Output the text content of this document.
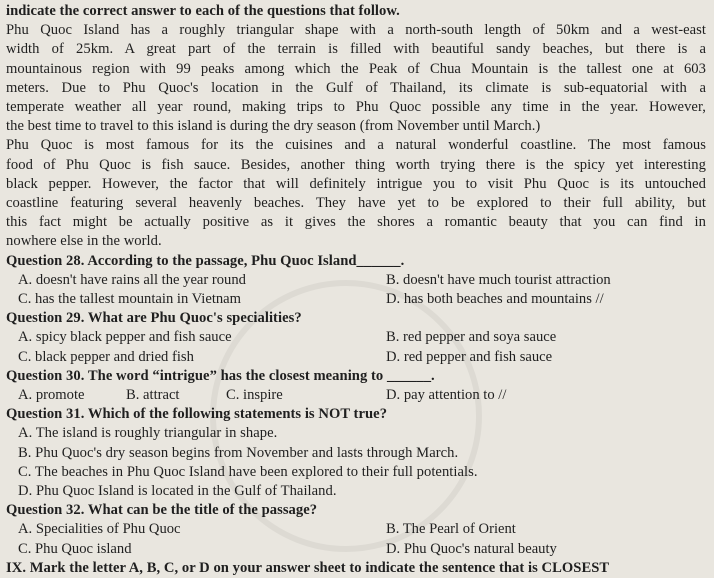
indicate the correct answer to each of the questions that follow.
Phu Quoc Island has a roughly triangular shape with a north-south length of 50km and a west-east
width of 25km. A great part of the terrain is filled with beautiful sandy beaches, but there is a
mountainous region with 99 peaks among which the Peak of Chua Mountain is the tallest one at 603
meters. Due to Phu Quoc's location in the Gulf of Thailand, its climate is sub-equatorial with a
temperate weather all year round, making trips to Phu Quoc possible any time in the year. However,
the best time to travel to this island is during the dry season (from November until March.)
Phu Quoc is most famous for its the cuisines and a natural wonderful coastline. The most famous
food of Phu Quoc is fish sauce. Besides, another thing worth trying there is the spicy yet interesting
black pepper. However, the factor that will definitely intrigue you to visit Phu Quoc is its untouched
coastline featuring several heavenly beaches. They have yet to be explored to their full ability, but
this fact might be actually positive as it gives the shores a romantic beauty that you can find in
nowhere else in the world.
Question 28. According to the passage, Phu Quoc Island______.
A. doesn't have rains all the year round	B. doesn't have much tourist attraction
C. has the tallest mountain in Vietnam	D. has both beaches and mountains //
Question 29. What are Phu Quoc's specialities?
A. spicy black pepper and fish sauce	B. red pepper and soya sauce
C. black pepper and dried fish	D. red pepper and fish sauce
Question 30. The word “intrigue” has the closest meaning to ______.
A. promote	B. attract	C. inspire	D. pay attention to //
Question 31. Which of the following statements is NOT true?
A. The island is roughly triangular in shape.
B. Phu Quoc's dry season begins from November and lasts through March.
C. The beaches in Phu Quoc Island have been explored to their full potentials.
D. Phu Quoc Island is located in the Gulf of Thailand.
Question 32. What can be the title of the passage?
A. Specialities of Phu Quoc	B. The Pearl of Orient
C. Phu Quoc island	D. Phu Quoc's natural beauty
IX. Mark the letter A, B, C, or D on your answer sheet to indicate the sentence that is CLOSEST
